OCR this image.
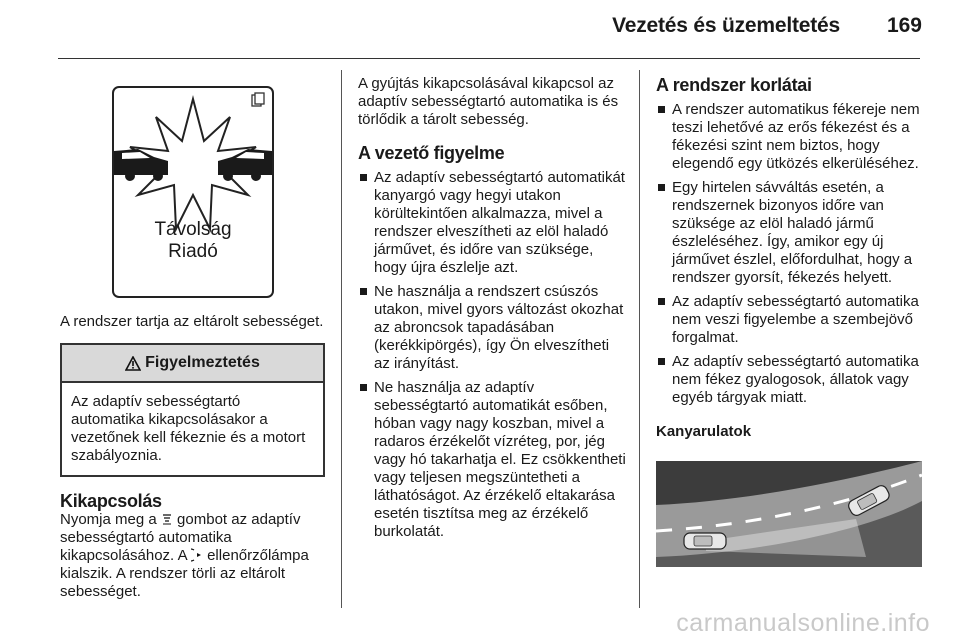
Vezetés és üzemeltetés 169
Távolság
Riadó
A rendszer tartja az eltárolt sebességet.
Figyelmeztetés
Az adaptív sebességtartó automatika kikapcsolásakor a vezetőnek kell fékeznie és a motort szabályoznia.
Kikapcsolás
Nyomja meg a gombot az adaptív sebességtartó automatika kikapcsolásához. A ellenőrzőlámpa kialszik. A rendszer törli az eltárolt sebességet.
A gyújtás kikapcsolásával kikapcsol az adaptív sebességtartó automatika is és törlődik a tárolt sebesség.
A vezető figyelme
Az adaptív sebességtartó automatikát kanyargó vagy hegyi utakon körültekintően alkalmazza, mivel a rendszer elveszítheti az elöl haladó járművet, és időre van szüksége, hogy újra észlelje azt.
Ne használja a rendszert csúszós utakon, mivel gyors változást okozhat az abroncsok tapadásában (kerékkipörgés), így Ön elveszítheti az irányítást.
Ne használja az adaptív sebességtartó automatikát esőben, hóban vagy nagy koszban, mivel a radaros érzékelőt vízréteg, por, jég vagy hó takarhatja el. Ez csökkentheti vagy teljesen megszüntetheti a láthatóságot. Az érzékelő eltakarása esetén tisztítsa meg az érzékelő burkolatát.
A rendszer korlátai
A rendszer automatikus fékereje nem teszi lehetővé az erős fékezést és a fékezési szint nem biztos, hogy elegendő egy ütközés elkerüléséhez.
Egy hirtelen sávváltás esetén, a rendszernek bizonyos időre van szüksége az elöl haladó jármű észleléséhez. Így, amikor egy új járművet észlel, előfordulhat, hogy a rendszer gyorsít, fékezés helyett.
Az adaptív sebességtartó automatika nem veszi figyelembe a szembejövő forgalmat.
Az adaptív sebességtartó automatika nem fékez gyalogosok, állatok vagy egyéb tárgyak miatt.
Kanyarulatok
carmanualsonline.info
